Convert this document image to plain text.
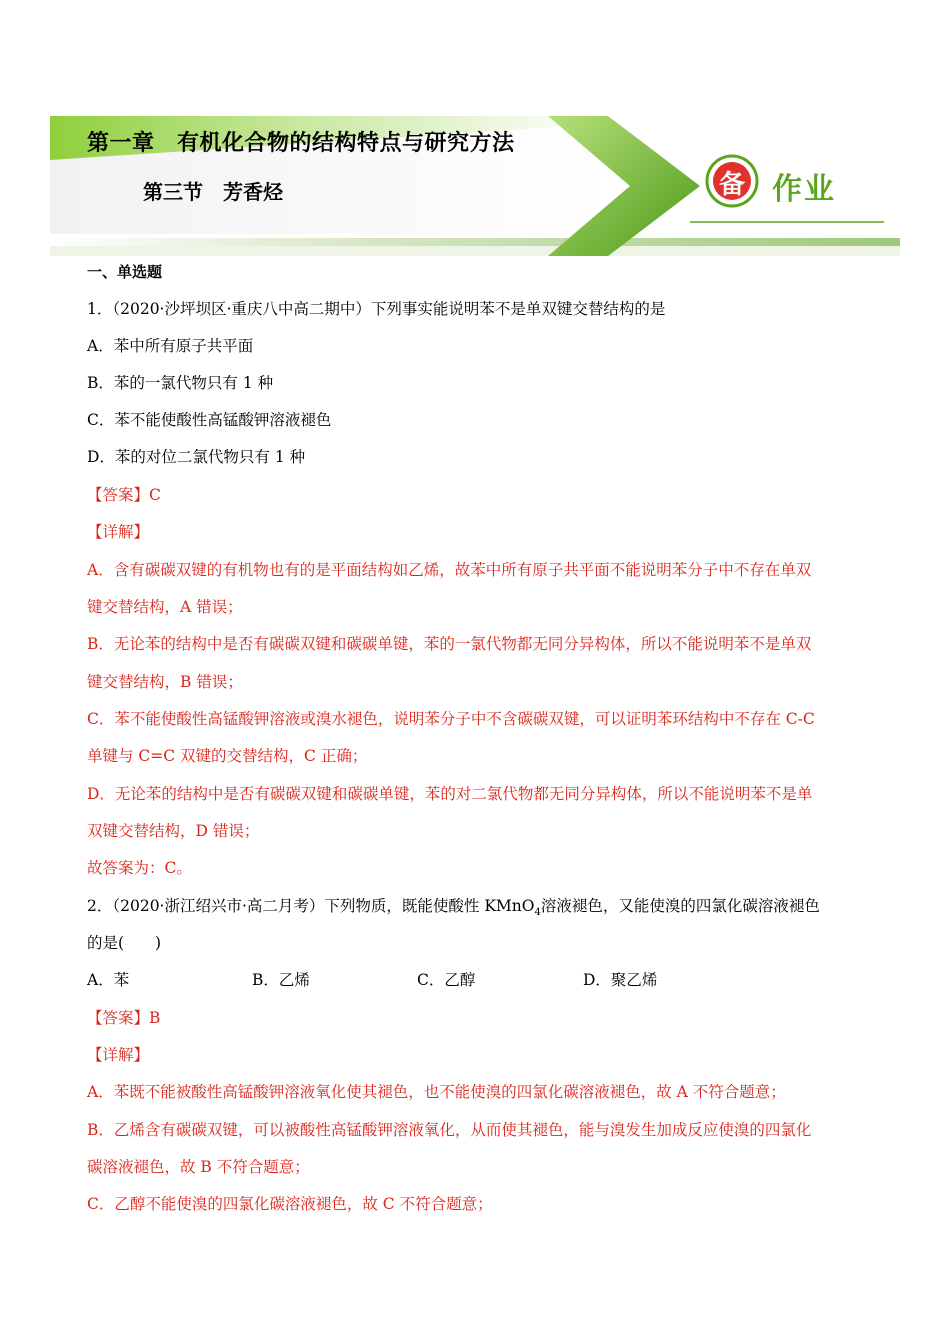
第一章　有机化合物的结构特点与研究方法
第三节　芳香烃	备 作业
一、单选题
1．（2020·沙坪坝区·重庆八中高二期中）下列事实能说明苯不是单双键交替结构的是
A．苯中所有原子共平面
B．苯的一氯代物只有 1 种
C．苯不能使酸性高锰酸钾溶液褪色
D．苯的对位二氯代物只有 1 种
【答案】C
【详解】
A．含有碳碳双键的有机物也有的是平面结构如乙烯，故苯中所有原子共平面不能说明苯分子中不存在单双
键交替结构，A 错误；
B．无论苯的结构中是否有碳碳双键和碳碳单键，苯的一氯代物都无同分异构体，所以不能说明苯不是单双
键交替结构，B 错误；
C．苯不能使酸性高锰酸钾溶液或溴水褪色，说明苯分子中不含碳碳双键，可以证明苯环结构中不存在 C-C
单键与 C=C 双键的交替结构，C 正确；
D．无论苯的结构中是否有碳碳双键和碳碳单键，苯的对二氯代物都无同分异构体，所以不能说明苯不是单
双键交替结构，D 错误；
故答案为：C。
2．（2020·浙江绍兴市·高二月考）下列物质，既能使酸性 KMnO$_4$溶液褪色，又能使溴的四氯化碳溶液褪色
的是(　　)

A．苯

	B．乙烯

	C．乙醇

	D．聚乙烯

【答案】B
【详解】
A．苯既不能被酸性高锰酸钾溶液氧化使其褪色，也不能使溴的四氯化碳溶液褪色，故 A 不符合题意；
B．乙烯含有碳碳双键，可以被酸性高锰酸钾溶液氧化，从而使其褪色，能与溴发生加成反应使溴的四氯化
碳溶液褪色，故 B 不符合题意；
C．乙醇不能使溴的四氯化碳溶液褪色，故 C 不符合题意；
